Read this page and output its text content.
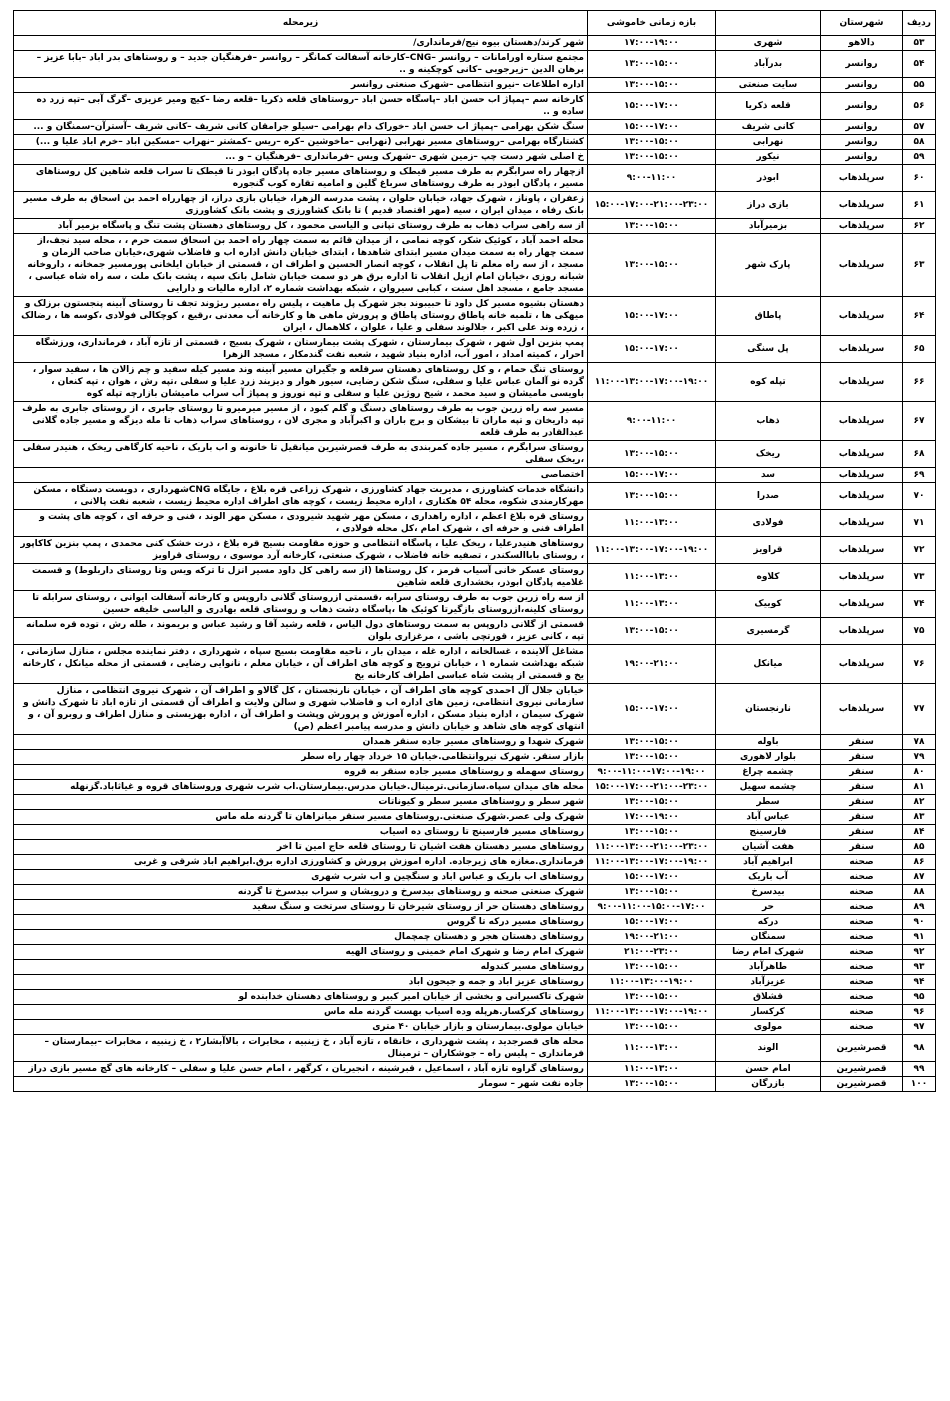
ردیف	شهرستان		بازه زمانی خاموشی	زیرمحله
۵۳	دالاهو	شهری	۱۷:۰۰-۱۹:۰۰	شهر کرند/دهستان بیوه نیج/فرمانداری/
۵۴	روانسر	بدرآباد	۱۳:۰۰-۱۵:۰۰	مجتمع ستاره اورامانات – روانسر –CNG–کارخانه آسفالت کمانگر – روانسر –فرهنگیان جدید – و روستاهای بدر اباد –بابا عزیز –برهان الدین –زیرجویی –کانی کوچکینه و ..
۵۵	روانسر	سایت صنعتی	۱۳:۰۰-۱۵:۰۰	اداره اطلاعات –نیرو انتظامی –شهرک صنعتی روانسر
۵۶	روانسر	قلعه ذکریا	۱۵:۰۰-۱۷:۰۰	کارخانه سم –پمپاژ اب حسن اباد –پاسگاه حسن اباد –روستاهای قلعه ذکریا –قلعه رضا –کیچ ومیر عزیزی –گرگ آبی –تپه زرد ده ساده و ..
۵۷	روانسر	کانی شریف	۱۵:۰۰-۱۷:۰۰	سنگ شکن بهرامی –پمپاژ اب حسن اباد –خوراک دام بهرامی –سیلو جرامقان کانی شریف –کانی شریف –آسترآن–سمنگان و ...
۵۸	روانسر	نهرابی	۱۳:۰۰-۱۵:۰۰	کشتارگاه بهرامی –روستاهای مسیر نهرابی (نهرابی –ماخوشین –کره –ریس –کمشتر –نهراب –مسکین اباد –خرم اباد علیا و ...)
۵۹	روانسر	نیکور	۱۳:۰۰-۱۵:۰۰	خ اصلی شهر دست چپ –زمین شهری –شهرک ویس –فرمانداری –فرهنگیان – و ...
۶۰	سرپلذهاب	ابوذر	۹:۰۰-۱۱:۰۰	ازچهار راه سرابگرم به طرف مسیر قیطک و روستاهای مسیر جاده پادگان ابوذر تا قیطک تا سراب قلعه شاهین کل روستاهای مسیر ، پادگان ابوذر به طرف روستاهای سرباغ گلین و امامیه تقاره کوب گنجوره
۶۱	سرپلذهاب	بازی دراز	۱۵:۰۰-۱۷:۰۰-۲۱:۰۰-۲۳:۰۰	زعفران ، پاوناز ، شهرک جهاد، خیابان حلوان ، پشت مدرسه الزهرا، خیابان بازی دراز، از چهارراه احمد بن اسحاق به طرف مسیر بانک رفاه ، میدان ایران ، سیه (مهر اقتصاد قدیم ) تا بانک کشاورزی و پشت بانک کشاورزی
۶۲	سرپلذهاب	بزمیرآباد	۱۳:۰۰-۱۵:۰۰	از سه راهی سراب ذهاب به طرف روستای تپانی و الیاسی محمود ، کل روستاهای دهستان پشت تنگ و پاسگاه بزمیر آباد
۶۳	سرپلذهاب	پارک شهر	۱۳:۰۰-۱۵:۰۰	محله احمد آباد ، کوئیک شکر، کوچه نمامی ، از میدان قائم به سمت چهار راه احمد بن اسحاق سمت حرم ، ، محله سید نجف،از سمت چهار راه به سمت میدان مسیر ابتدای شاهدها ، ابتدای خیابان دانش اداره اب و فاضلاب شهری،خیابان صاحب الزمان و مسجد ، از سه راه معلم تا پل انقلاب ، کوچه انصار الحسین و اطراف ان ، قسمتی از خیابان ایلخانی پورمسیر جمخانه ، داروخانه شبانه روزی ،خیابان امام ازپل انقلاب تا اداره برق هر دو سمت خیابان شامل بانک سپه ، پشت بانک ملت ، سه راه شاه عباسی ، مسجد جامع ، مسجد اهل سنت ، کبابی سیروان ، شبکه بهداشت شماره ۲، اداره مالیات و دارایی
۶۴	سرپلذهاب	پاطاق	۱۵:۰۰-۱۷:۰۰	دهستان بشیوه مسیر کل داود تا حبیبوند بجز شهرک پل ماهیت ، پلیس راه ،مسیر ریژوند تجف تا روستای آبینه پنجستون برزلک و میهکی ها ، تلمبه خانه پاطاق روستای پاطاق و پرورش ماهی ها و کارخانه آب معدنی ،رقیع ، کوچکالی فولادی ،کوسه ها ، رضالک ، زرده وند علی اکبر ، جلالوند سفلی و علیا ، علوان ، کلاهمال ، ایران
۶۵	سرپلذهاب	پل سنگی	۱۵:۰۰-۱۷:۰۰	پمپ بنزین اول شهر ، شهرک بیمارستان ، شهرک پشت بیمارستان ، شهرک بسیج ، قسمتی از تازه آباد ، فرمانداری، ورزشگاه احرار ، کمیته امداد ، امور آب، اداره بنیاد شهید ، شعبه نفت گندمکار ، مسجد الزهرا
۶۶	سرپلذهاب	تپله کوه	۱۱:۰۰-۱۳:۰۰-۱۷:۰۰-۱۹:۰۰	روستای تنگ حمام ، و کل روستاهای دهستان سرقلعه و جگیران مسیر آبینه وند مسیر کیله سفید و چم زالان ها ، سفید سوار ، گرده نو آلمان عباس علیا و سفلی، سنگ شکن رضایی، سیور هوار و دیزیند زرد علیا و سفلی ،تپه رش ، هوان ، تپه کنعان ، باویسی مامیشان و سید محمد ، شیخ روژین علیا و سفلی و تپه نوروز و پمپاژ آب سراب مامیشان بازارچه تپله کوه
۶۷	سرپلذهاب	ذهاب	۹:۰۰-۱۱:۰۰	مسیر سه راه زرین جوب به طرف روستاهای دسنگ و گلم کبود ، از مسیر میرمیرو تا روستای جابری ، از روستای جابری به طرف تپه داریخان و تپه ماران تا بیشکان و برج باران و اکبرآباد و مجری لان ، روستاهای سراب ذهاب تا مله دیزگه و مسیر جاده گلانی عبدالقادر به طرف قلعه
۶۸	سرپلذهاب	ریخک	۱۳:۰۰-۱۵:۰۰	روستای سرابگرم ، مسیر جاده کمربندی به طرف قصرشیرین میانقیل تا خانونه و اب باریک ، ناحیه کارگاهی ریخک ، هنیدر سفلی ،ریخک سفلی
۶۹	سرپلذهاب	سد	۱۵:۰۰-۱۷:۰۰	اختصاصی
۷۰	سرپلذهاب	صدرا	۱۳:۰۰-۱۵:۰۰	دانشگاه خدمات کشاورزی ، مدیریت جهاد کشاورزی ، شهرک زراعی قره بلاغ ، جایگاه CNGشهرداری ، دویست دستگاه ، مسکن مهرکارمندی شکوه، محله ۵۴ هکتاری ، اداره محیط زیست ، کوچه های اطراف اداره محیط زیست ، شعبه نفت پالانی ،
۷۱	سرپلذهاب	فولادی	۱۱:۰۰-۱۳:۰۰	روستای قره بلاغ اعظم ، اداره راهداری ، مسکن مهر شهید شیرودی ، مسکن مهر الوند ، فنی و حرفه ای ، کوچه های پشت و اطراف فنی و حرفه ای ، شهرک امام ،کل محله فولادی ،
۷۲	سرپلذهاب	قراویز	۱۱:۰۰-۱۳:۰۰-۱۷:۰۰-۱۹:۰۰	روستاهای هنیدرعلیا ، ریخک علیا ، پاسگاه انتظامی و حوزه مقاومت بسیج قره بلاغ ، ذرت خشک کنی محمدی ، پمپ بنزین کاکاپور ، روستای باباالسکندر ، تصفیه خانه فاضلاب ، شهرک صنعتی، کارخانه آرد موسوی ، روستای قراویز
۷۳	سرپلذهاب	کلاوه	۱۱:۰۰-۱۳:۰۰	روستای عسکر خانی آسیاب قرمز ، کل روستاها (از سه راهی کل داود مسیر انزل تا ترکه ویس وتا روستای داربلوط) و قسمت غلامیه پادگان ابوذر، بخشداری قلعه شاهین
۷۴	سرپلذهاب	کوییک	۱۱:۰۰-۱۳:۰۰	از سه راه زرین جوب به طرف روستای سرابه ،قسمتی ازروستای گلانی داروپس و کارخانه آسفالت ایوانی ، روستای سرابله تا روستای کلینه،ازروستای بازگیرتا کوئیک ها ،پاسگاه دشت ذهاب و روستای قلعه بهادری و الیاسی خلیفه حسین
۷۵	سرپلذهاب	گرمسیری	۱۳:۰۰-۱۵:۰۰	قسمتی از گلانی داروپس به سمت روستاهای دول الیاس ، قلعه رشید آقا و رشید عباس و بریموند ، طله رش ، توده قره سلمانه تپه ، کانی عزیز ، قورتچی باشی ، مرغزاری بلوان
۷۶	سرپلذهاب	میانکل	۱۹:۰۰-۲۱:۰۰	مشاغل آلاینده ، غسالخانه ، اداره غله ، میدان بار ، ناحیه مقاومت بسیج سپاه ، شهرداری ، دفتر نماینده مجلس ، منازل سازمانی ، شبکه بهداشت شماره ۱ ، خیابان ترویج و کوچه های اطراف آن ، خیابان معلم ، نانوایی رضایی ، قسمتی از محله میانکل ، کارخانه یخ و قسمتی از پشت شاه عباسی اطراف کارخانه یخ
۷۷	سرپلذهاب	نارنجستان	۱۵:۰۰-۱۷:۰۰	خیابان جلال آل احمدی کوچه های اطراف آن ، خیابان نارنجستان ، کل گالاو و اطراف آن ، شهرک نیروی انتظامی ، منازل سازمانی نیروی انتظامی، زمین های اداره اب و فاضلاب شهری و سالن ولایت و اطراف آن قسمتی از تازه اباد تا شهرک دانش و شهرک سیمان ، اداره بنیاد مسکن ، اداره آموزش و پرورش وپشت و اطراف آن ، اداره بهزیستی و منازل اطراف و روبرو آن ، و انتهای کوچه های شاهد و خیابان دانش و مدرسه پیامبر اعظم (ص)
۷۸	سنقر	باوله	۱۳:۰۰-۱۵:۰۰	شهرک شهدا و روستاهای مسیر جاده سنقر همدان
۷۹	سنقر	بلوار لاهوری	۱۳:۰۰-۱۵:۰۰	بازار سنقر. شهرک نیروانتظامی.خیابان ۱۵ خرداد چهار راه سطر
۸۰	سنقر	چشمه چراغ	۹:۰۰-۱۱:۰۰-۱۷:۰۰-۱۹:۰۰	روستای سهمله و روستاهای مسیر جاده سنقر به قروه
۸۱	سنقر	چشمه سهیل	۱۵:۰۰-۱۷:۰۰-۲۱:۰۰-۲۳:۰۰	محله های میدان سپاه.سازمانی.ترمینال.خیابان مدرس.بیمارستان.اب شرب شهری وروستاهای قروه و غیاثاباد.گزنهله
۸۲	سنقر	سطر	۱۳:۰۰-۱۵:۰۰	شهر سطر و روستاهای مسیر سطر و کیوناتات
۸۳	سنقر	عباس آباد	۱۷:۰۰-۱۹:۰۰	شهرک ولی عصر.شهرک صنعتی.روستاهای مسیر سنقر میانراهان تا گردنه مله ماس
۸۴	سنقر	فارسینج	۱۳:۰۰-۱۵:۰۰	روستاهای مسیر فارسینج تا روستای ده اسیاب
۸۵	سنقر	هفت آشیان	۱۱:۰۰-۱۳:۰۰-۲۱:۰۰-۲۳:۰۰	روستاهای مسیر دهستان هفت اشیان تا روستای قلعه حاج امین تا اخر
۸۶	صحنه	ابراهیم آباد	۱۱:۰۰-۱۳:۰۰-۱۷:۰۰-۱۹:۰۰	فرمانداری.مغازه های زیرجاده. اداره اموزش پرورش و کشاورزی اداره برق.ابراهیم اباد شرقی و غربی
۸۷	صحنه	آب باریک	۱۵:۰۰-۱۷:۰۰	روستاهای اب باریک و عباس اباد و سنگچین و اب شرب شهری
۸۸	صحنه	بیدسرخ	۱۳:۰۰-۱۵:۰۰	شهرک صنعتی صحنه و روستاهای بیدسرخ و درویشان و سراب بیدسرخ تا گردنه
۸۹	صحنه	حر	۹:۰۰-۱۱:۰۰-۱۵:۰۰-۱۷:۰۰	روستاهای دهستان حر از روستای شیرخان تا روستای سرتخت و سنگ سفید
۹۰	صحنه	درکه	۱۵:۰۰-۱۷:۰۰	روستاهای مسیر درکه تا گروس
۹۱	صحنه	سمنگان	۱۹:۰۰-۲۱:۰۰	روستاهای دهستان هجر و دهستان چمچمال
۹۲	صحنه	شهرک امام رضا	۲۱:۰۰-۲۳:۰۰	شهرک امام رضا و شهرک امام خمینی و روستای الهیه
۹۳	صحنه	طاهرآباد	۱۳:۰۰-۱۵:۰۰	روستاهای مسیر کندوله
۹۴	صحنه	عزیزآباد	۱۱:۰۰-۱۳:۰۰-۱۹:۰۰	روستاهای عزیز اباد و جمه و جیحون اباد
۹۵	صحنه	قشلاق	۱۳:۰۰-۱۵:۰۰	شهرک تاکسیرانی و بخشی از خیابان امیر کبیر و روستاهای دهستان خدابنده لو
۹۶	صحنه	کرکسار	۱۱:۰۰-۱۳:۰۰-۱۷:۰۰-۱۹:۰۰	روستاهای کرکسار.هرپله وده اسیاب بهست گردنه مله ماس
۹۷	صحنه	مولوی	۱۳:۰۰-۱۵:۰۰	خیابان مولوی.بیمارستان و بازار خیابان ۴۰ متری
۹۸	قصرشیرین	الوند	۱۱:۰۰-۱۳:۰۰	محله های قصرجدید ، پشت شهرداری ، خانقاه ، تازه آباد ، خ زینبیه ، مخابرات ، بالاآبشار۲ ، خ زینبیه ، مخابرات –بیمارستان – فرمانداری – پلیس راه – جوشکاران – ترمینال
۹۹	قصرشیرین	امام حسن	۱۱:۰۰-۱۳:۰۰	روستاهای گراوه تازه آباد ، اسماعیل ، قبرشینه ، انجیریان ، کرگهر ، امام حسن علیا و سفلی – کارخانه های گچ مسیر بازی دراز
۱۰۰	قصرشیرین	بازرگان	۱۳:۰۰-۱۵:۰۰	جاده نفت شهر – سومار
